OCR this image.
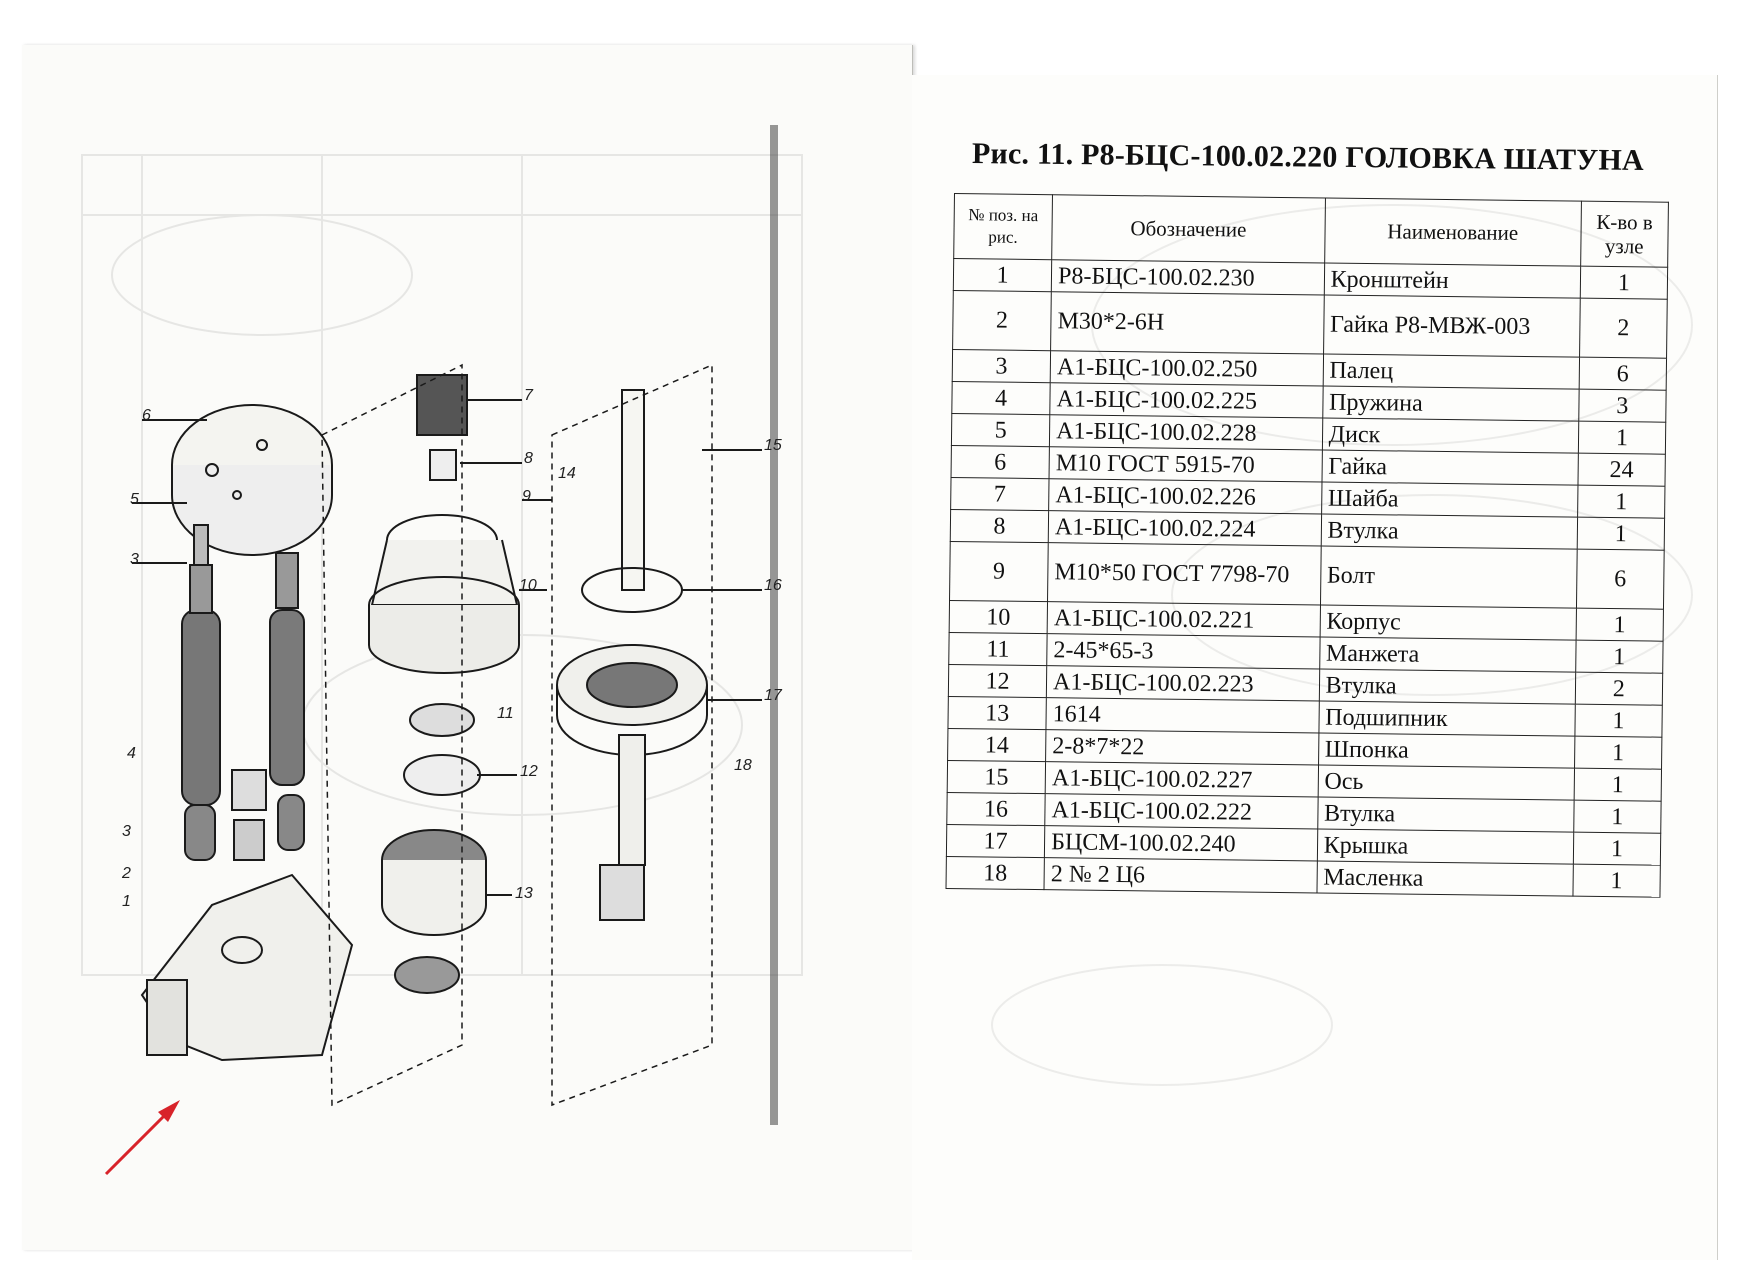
6
5
3
4
3
2
1
7
8
9
10
11
12
13
14
15
16
17
18
Рис. 11. Р8-БЦС-100.02.220 ГОЛОВКА ШАТУНА
№ поз. на рис.	Обозначение	Наименование	К-во в узле
1	Р8-БЦС-100.02.230	Кронштейн	1
2	М30*2-6Н	Гайка Р8-МВЖ-003	2
3	А1-БЦС-100.02.250	Палец	6
4	А1-БЦС-100.02.225	Пружина	3
5	А1-БЦС-100.02.228	Диск	1
6	М10 ГОСТ 5915-70	Гайка	24
7	А1-БЦС-100.02.226	Шайба	1
8	А1-БЦС-100.02.224	Втулка	1
9	М10*50 ГОСТ 7798-70	Болт	6
10	А1-БЦС-100.02.221	Корпус	1
11	2-45*65-3	Манжета	1
12	А1-БЦС-100.02.223	Втулка	2
13	1614	Подшипник	1
14	2-8*7*22	Шпонка	1
15	А1-БЦС-100.02.227	Ось	1
16	А1-БЦС-100.02.222	Втулка	1
17	БЦСМ-100.02.240	Крышка	1
18	2 № 2 Ц6	Масленка	1
